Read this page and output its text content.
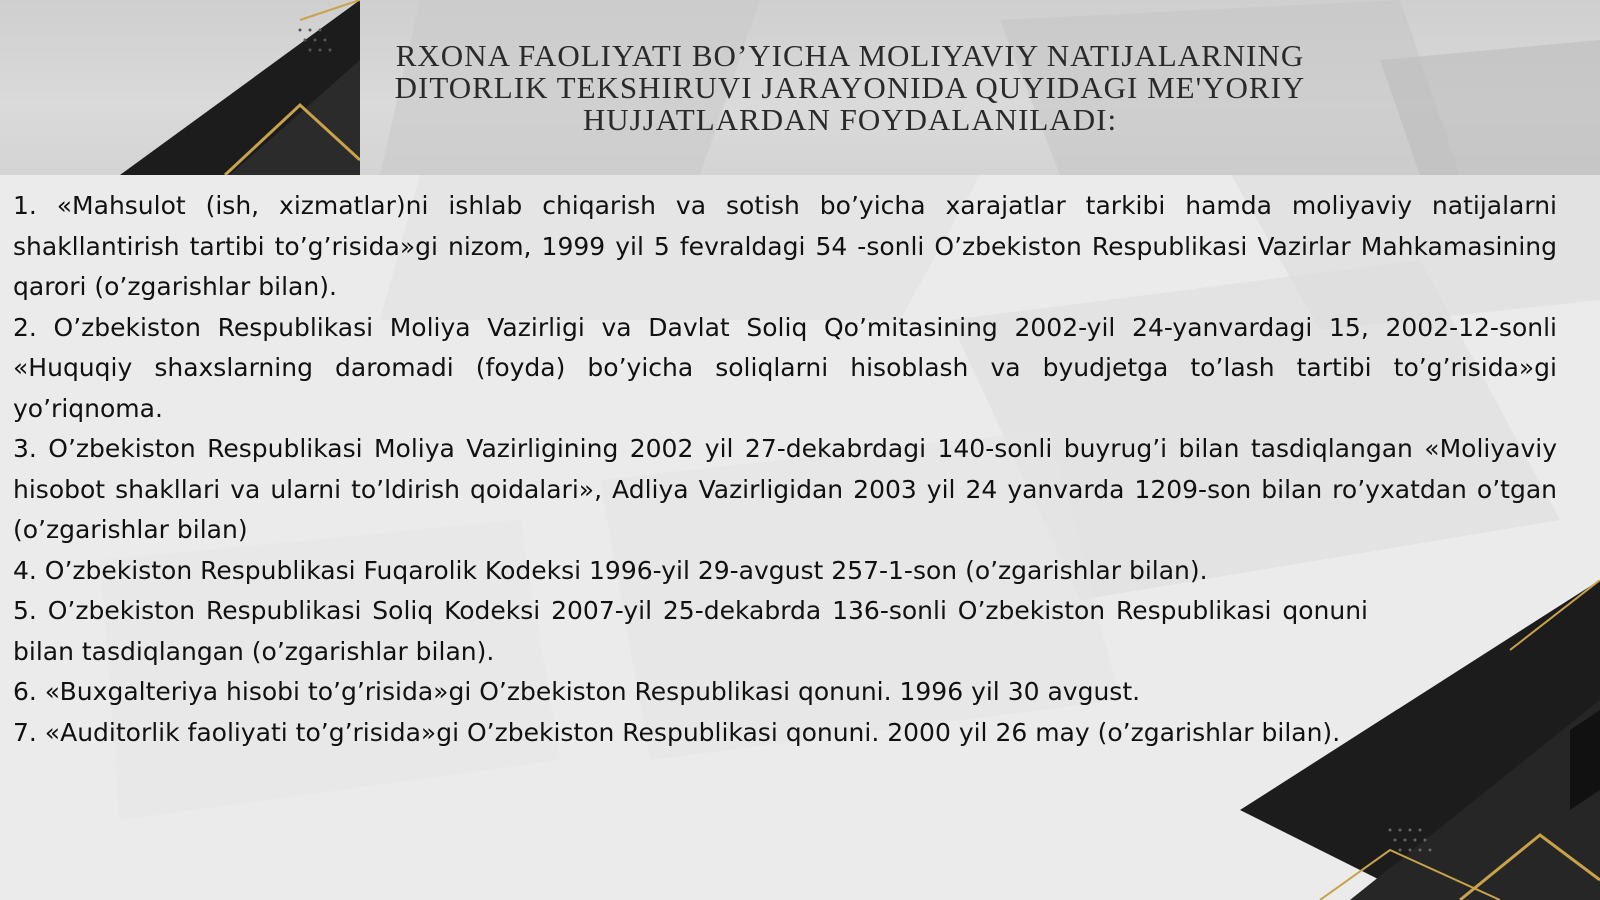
RXONA FAOLIYATI BO’YICHA MOLIYAVIY NATIJALARNING
DITORLIK TEKSHIRUVI JARAYONIDA QUYIDAGI ME'YORIY
HUJJATLARDAN FOYDALANILADI:

1. «Mahsulot (ish, xizmatlar)ni ishlab chiqarish va sotish bo’yicha xarajatlar tarkibi hamda moliyaviy natijalarni shakllantirish tartibi to’g’risida»gi nizom, 1999 yil 5 fevraldagi 54 -sonli O’zbekiston Respublikasi Vazirlar Mahkamasining qarori (o’zgarishlar bilan).

2. O’zbekiston Respublikasi Moliya Vazirligi va Davlat Soliq Qo’mitasining 2002-yil 24-yanvardagi 15, 2002-12-sonli «Huquqiy shaxslarning daromadi (foyda) bo’yicha soliqlarni hisoblash va byudjetga to’lash tartibi to’g’risida»gi yo’riqnoma.

3. O’zbekiston Respublikasi Moliya Vazirligining 2002 yil 27-dekabrdagi 140-sonli buyrug’i bilan tasdiqlangan «Moliyaviy hisobot shakllari va ularni to’ldirish qoidalari», Adliya Vazirligidan 2003 yil 24 yanvarda 1209-son bilan ro’yxatdan o’tgan (o’zgarishlar bilan)

4. O’zbekiston Respublikasi Fuqarolik Kodeksi 1996-yil 29-avgust 257-1-son (o’zgarishlar bilan).

5. O’zbekiston Respublikasi Soliq Kodeksi 2007-yil 25-dekabrda 136-sonli O’zbekiston Respublikasi qonuni bilan tasdiqlangan (o’zgarishlar bilan).

6. «Buxgalteriya hisobi to’g’risida»gi O’zbekiston Respublikasi qonuni. 1996 yil 30 avgust.

7. «Auditorlik faoliyati to’g’risida»gi O’zbekiston Respublikasi qonuni. 2000 yil 26 may (o’zgarishlar bilan).
